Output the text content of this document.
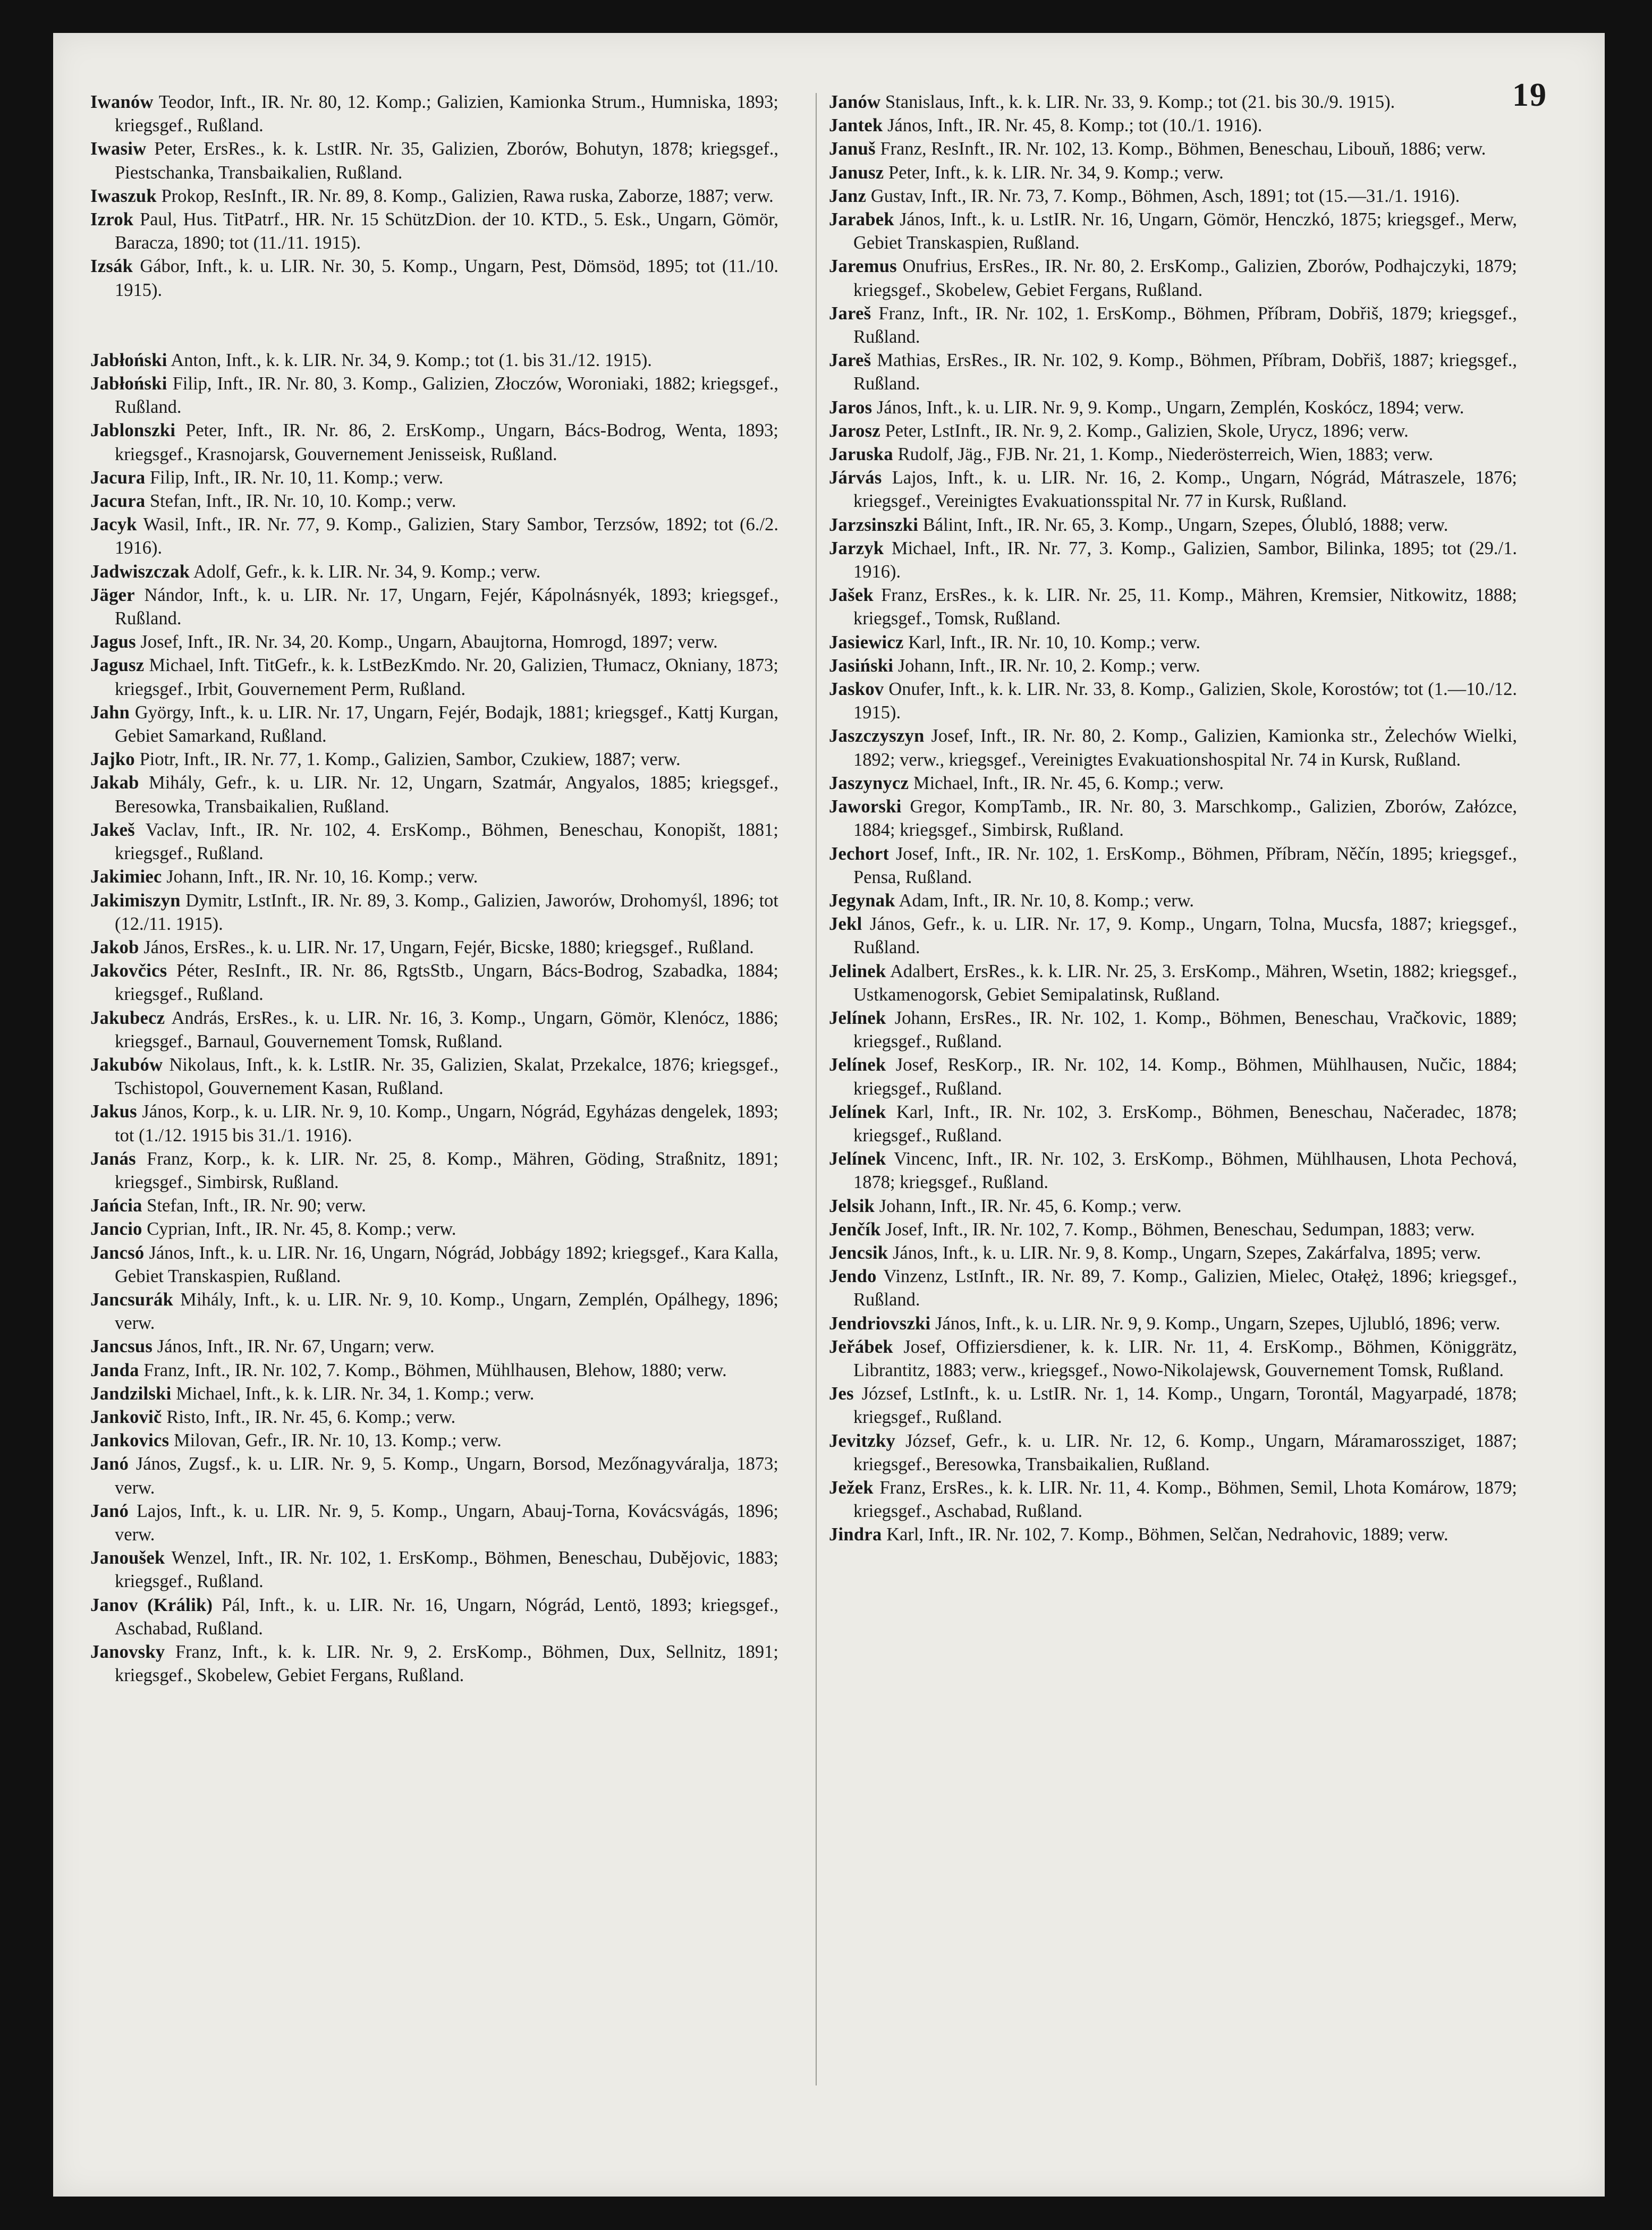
19

Iwanów Teodor, Inft., IR. Nr. 80, 12. Komp.; Galizien, Kamionka Strum., Humniska, 1893; kriegsgef., Rußland.

Iwasiw Peter, ErsRes., k. k. LstIR. Nr. 35, Galizien, Zborów, Bohutyn, 1878; kriegsgef., Piestschanka, Transbaikalien, Rußland.

Iwaszuk Prokop, ResInft., IR. Nr. 89, 8. Komp., Galizien, Rawa ruska, Zaborze, 1887; verw.

Izrok Paul, Hus. TitPatrf., HR. Nr. 15 SchützDion. der 10. KTD., 5. Esk., Ungarn, Gömör, Baracza, 1890; tot (11./11. 1915).

Izsák Gábor, Inft., k. u. LIR. Nr. 30, 5. Komp., Ungarn, Pest, Dömsöd, 1895; tot (11./10. 1915).

Jabłoński Anton, Inft., k. k. LIR. Nr. 34, 9. Komp.; tot (1. bis 31./12. 1915).

Jabłoński Filip, Inft., IR. Nr. 80, 3. Komp., Galizien, Złoczów, Woroniaki, 1882; kriegsgef., Rußland.

Jablonszki Peter, Inft., IR. Nr. 86, 2. ErsKomp., Ungarn, Bács-Bodrog, Wenta, 1893; kriegsgef., Krasnojarsk, Gouvernement Jenisseisk, Rußland.

Jacura Filip, Inft., IR. Nr. 10, 11. Komp.; verw.

Jacura Stefan, Inft., IR. Nr. 10, 10. Komp.; verw.

Jacyk Wasil, Inft., IR. Nr. 77, 9. Komp., Galizien, Stary Sambor, Terzsów, 1892; tot (6./2. 1916).

Jadwiszczak Adolf, Gefr., k. k. LIR. Nr. 34, 9. Komp.; verw.

Jäger Nándor, Inft., k. u. LIR. Nr. 17, Ungarn, Fejér, Kápolnásnyék, 1893; kriegsgef., Rußland.

Jagus Josef, Inft., IR. Nr. 34, 20. Komp., Ungarn, Abaujtorna, Homrogd, 1897; verw.

Jagusz Michael, Inft. TitGefr., k. k. LstBezKmdo. Nr. 20, Galizien, Tłumacz, Okniany, 1873; kriegsgef., Irbit, Gouvernement Perm, Rußland.

Jahn György, Inft., k. u. LIR. Nr. 17, Ungarn, Fejér, Bodajk, 1881; kriegsgef., Kattj Kurgan, Gebiet Samarkand, Rußland.

Jajko Piotr, Inft., IR. Nr. 77, 1. Komp., Galizien, Sambor, Czukiew, 1887; verw.

Jakab Mihály, Gefr., k. u. LIR. Nr. 12, Ungarn, Szatmár, Angyalos, 1885; kriegsgef., Beresowka, Transbaikalien, Rußland.

Jakeš Vaclav, Inft., IR. Nr. 102, 4. ErsKomp., Böhmen, Beneschau, Konopišt, 1881; kriegsgef., Rußland.

Jakimiec Johann, Inft., IR. Nr. 10, 16. Komp.; verw.

Jakimiszyn Dymitr, LstInft., IR. Nr. 89, 3. Komp., Galizien, Jaworów, Drohomyśl, 1896; tot (12./11. 1915).

Jakob János, ErsRes., k. u. LIR. Nr. 17, Ungarn, Fejér, Bicske, 1880; kriegsgef., Rußland.

Jakovčics Péter, ResInft., IR. Nr. 86, RgtsStb., Ungarn, Bács-Bodrog, Szabadka, 1884; kriegsgef., Rußland.

Jakubecz András, ErsRes., k. u. LIR. Nr. 16, 3. Komp., Ungarn, Gömör, Klenócz, 1886; kriegsgef., Barnaul, Gouvernement Tomsk, Rußland.

Jakubów Nikolaus, Inft., k. k. LstIR. Nr. 35, Galizien, Skalat, Przekalce, 1876; kriegsgef., Tschistopol, Gouvernement Kasan, Rußland.

Jakus János, Korp., k. u. LIR. Nr. 9, 10. Komp., Ungarn, Nógrád, Egyházas dengelek, 1893; tot (1./12. 1915 bis 31./1. 1916).

Janás Franz, Korp., k. k. LIR. Nr. 25, 8. Komp., Mähren, Göding, Straßnitz, 1891; kriegsgef., Simbirsk, Rußland.

Jańcia Stefan, Inft., IR. Nr. 90; verw.

Jancio Cyprian, Inft., IR. Nr. 45, 8. Komp.; verw.

Jancsó János, Inft., k. u. LIR. Nr. 16, Ungarn, Nógrád, Jobbágy 1892; kriegsgef., Kara Kalla, Gebiet Transkaspien, Rußland.

Jancsurák Mihály, Inft., k. u. LIR. Nr. 9, 10. Komp., Ungarn, Zemplén, Opálhegy, 1896; verw.

Jancsus János, Inft., IR. Nr. 67, Ungarn; verw.

Janda Franz, Inft., IR. Nr. 102, 7. Komp., Böhmen, Mühlhausen, Blehow, 1880; verw.

Jandzilski Michael, Inft., k. k. LIR. Nr. 34, 1. Komp.; verw.

Jankovič Risto, Inft., IR. Nr. 45, 6. Komp.; verw.

Jankovics Milovan, Gefr., IR. Nr. 10, 13. Komp.; verw.

Janó János, Zugsf., k. u. LIR. Nr. 9, 5. Komp., Ungarn, Borsod, Mezőnagyváralja, 1873; verw.

Janó Lajos, Inft., k. u. LIR. Nr. 9, 5. Komp., Ungarn, Abauj-Torna, Kovácsvágás, 1896; verw.

Janoušek Wenzel, Inft., IR. Nr. 102, 1. ErsKomp., Böhmen, Beneschau, Dubějovic, 1883; kriegsgef., Rußland.

Janov (Králik) Pál, Inft., k. u. LIR. Nr. 16, Ungarn, Nógrád, Lentö, 1893; kriegsgef., Aschabad, Rußland.

Janovsky Franz, Inft., k. k. LIR. Nr. 9, 2. ErsKomp., Böhmen, Dux, Sellnitz, 1891; kriegsgef., Skobelew, Gebiet Fergans, Rußland.

Janów Stanislaus, Inft., k. k. LIR. Nr. 33, 9. Komp.; tot (21. bis 30./9. 1915).

Jantek János, Inft., IR. Nr. 45, 8. Komp.; tot (10./1. 1916).

Januš Franz, ResInft., IR. Nr. 102, 13. Komp., Böhmen, Beneschau, Libouň, 1886; verw.

Janusz Peter, Inft., k. k. LIR. Nr. 34, 9. Komp.; verw.

Janz Gustav, Inft., IR. Nr. 73, 7. Komp., Böhmen, Asch, 1891; tot (15.—31./1. 1916).

Jarabek János, Inft., k. u. LstIR. Nr. 16, Ungarn, Gömör, Henczkó, 1875; kriegsgef., Merw, Gebiet Transkaspien, Rußland.

Jaremus Onufrius, ErsRes., IR. Nr. 80, 2. ErsKomp., Galizien, Zborów, Podhajczyki, 1879; kriegsgef., Skobelew, Gebiet Fergans, Rußland.

Jareš Franz, Inft., IR. Nr. 102, 1. ErsKomp., Böhmen, Příbram, Dobřiš, 1879; kriegsgef., Rußland.

Jareš Mathias, ErsRes., IR. Nr. 102, 9. Komp., Böhmen, Příbram, Dobřiš, 1887; kriegsgef., Rußland.

Jaros János, Inft., k. u. LIR. Nr. 9, 9. Komp., Ungarn, Zemplén, Koskócz, 1894; verw.

Jarosz Peter, LstInft., IR. Nr. 9, 2. Komp., Galizien, Skole, Urycz, 1896; verw.

Jaruska Rudolf, Jäg., FJB. Nr. 21, 1. Komp., Niederösterreich, Wien, 1883; verw.

Járvás Lajos, Inft., k. u. LIR. Nr. 16, 2. Komp., Ungarn, Nógrád, Mátraszele, 1876; kriegsgef., Vereinigtes Evakuationsspital Nr. 77 in Kursk, Rußland.

Jarzsinszki Bálint, Inft., IR. Nr. 65, 3. Komp., Ungarn, Szepes, Ólubló, 1888; verw.

Jarzyk Michael, Inft., IR. Nr. 77, 3. Komp., Galizien, Sambor, Bilinka, 1895; tot (29./1. 1916).

Jašek Franz, ErsRes., k. k. LIR. Nr. 25, 11. Komp., Mähren, Kremsier, Nitkowitz, 1888; kriegsgef., Tomsk, Rußland.

Jasiewicz Karl, Inft., IR. Nr. 10, 10. Komp.; verw.

Jasiński Johann, Inft., IR. Nr. 10, 2. Komp.; verw.

Jaskov Onufer, Inft., k. k. LIR. Nr. 33, 8. Komp., Galizien, Skole, Korostów; tot (1.—10./12. 1915).

Jaszczyszyn Josef, Inft., IR. Nr. 80, 2. Komp., Galizien, Kamionka str., Żelechów Wielki, 1892; verw., kriegsgef., Vereinigtes Evakuationshospital Nr. 74 in Kursk, Rußland.

Jaszynycz Michael, Inft., IR. Nr. 45, 6. Komp.; verw.

Jaworski Gregor, KompTamb., IR. Nr. 80, 3. Marschkomp., Galizien, Zborów, Załózce, 1884; kriegsgef., Simbirsk, Rußland.

Jechort Josef, Inft., IR. Nr. 102, 1. ErsKomp., Böhmen, Příbram, Něčín, 1895; kriegsgef., Pensa, Rußland.

Jegynak Adam, Inft., IR. Nr. 10, 8. Komp.; verw.

Jekl János, Gefr., k. u. LIR. Nr. 17, 9. Komp., Ungarn, Tolna, Mucsfa, 1887; kriegsgef., Rußland.

Jelinek Adalbert, ErsRes., k. k. LIR. Nr. 25, 3. ErsKomp., Mähren, Wsetin, 1882; kriegsgef., Ustkamenogorsk, Gebiet Semipalatinsk, Rußland.

Jelínek Johann, ErsRes., IR. Nr. 102, 1. Komp., Böhmen, Beneschau, Vračkovic, 1889; kriegsgef., Rußland.

Jelínek Josef, ResKorp., IR. Nr. 102, 14. Komp., Böhmen, Mühlhausen, Nučic, 1884; kriegsgef., Rußland.

Jelínek Karl, Inft., IR. Nr. 102, 3. ErsKomp., Böhmen, Beneschau, Načeradec, 1878; kriegsgef., Rußland.

Jelínek Vincenc, Inft., IR. Nr. 102, 3. ErsKomp., Böhmen, Mühlhausen, Lhota Pechová, 1878; kriegsgef., Rußland.

Jelsik Johann, Inft., IR. Nr. 45, 6. Komp.; verw.

Jenčík Josef, Inft., IR. Nr. 102, 7. Komp., Böhmen, Beneschau, Sedumpan, 1883; verw.

Jencsik János, Inft., k. u. LIR. Nr. 9, 8. Komp., Ungarn, Szepes, Zakárfalva, 1895; verw.

Jendo Vinzenz, LstInft., IR. Nr. 89, 7. Komp., Galizien, Mielec, Otałęż, 1896; kriegsgef., Rußland.

Jendriovszki János, Inft., k. u. LIR. Nr. 9, 9. Komp., Ungarn, Szepes, Ujlubló, 1896; verw.

Jeřábek Josef, Offiziersdiener, k. k. LIR. Nr. 11, 4. ErsKomp., Böhmen, Königgrätz, Librantitz, 1883; verw., kriegsgef., Nowo-Nikolajewsk, Gouvernement Tomsk, Rußland.

Jes József, LstInft., k. u. LstIR. Nr. 1, 14. Komp., Ungarn, Torontál, Magyarpadé, 1878; kriegsgef., Rußland.

Jevitzky József, Gefr., k. u. LIR. Nr. 12, 6. Komp., Ungarn, Máramarossziget, 1887; kriegsgef., Beresowka, Transbaikalien, Rußland.

Ježek Franz, ErsRes., k. k. LIR. Nr. 11, 4. Komp., Böhmen, Semil, Lhota Komárow, 1879; kriegsgef., Aschabad, Rußland.

Jindra Karl, Inft., IR. Nr. 102, 7. Komp., Böhmen, Selčan, Nedrahovic, 1889; verw.
